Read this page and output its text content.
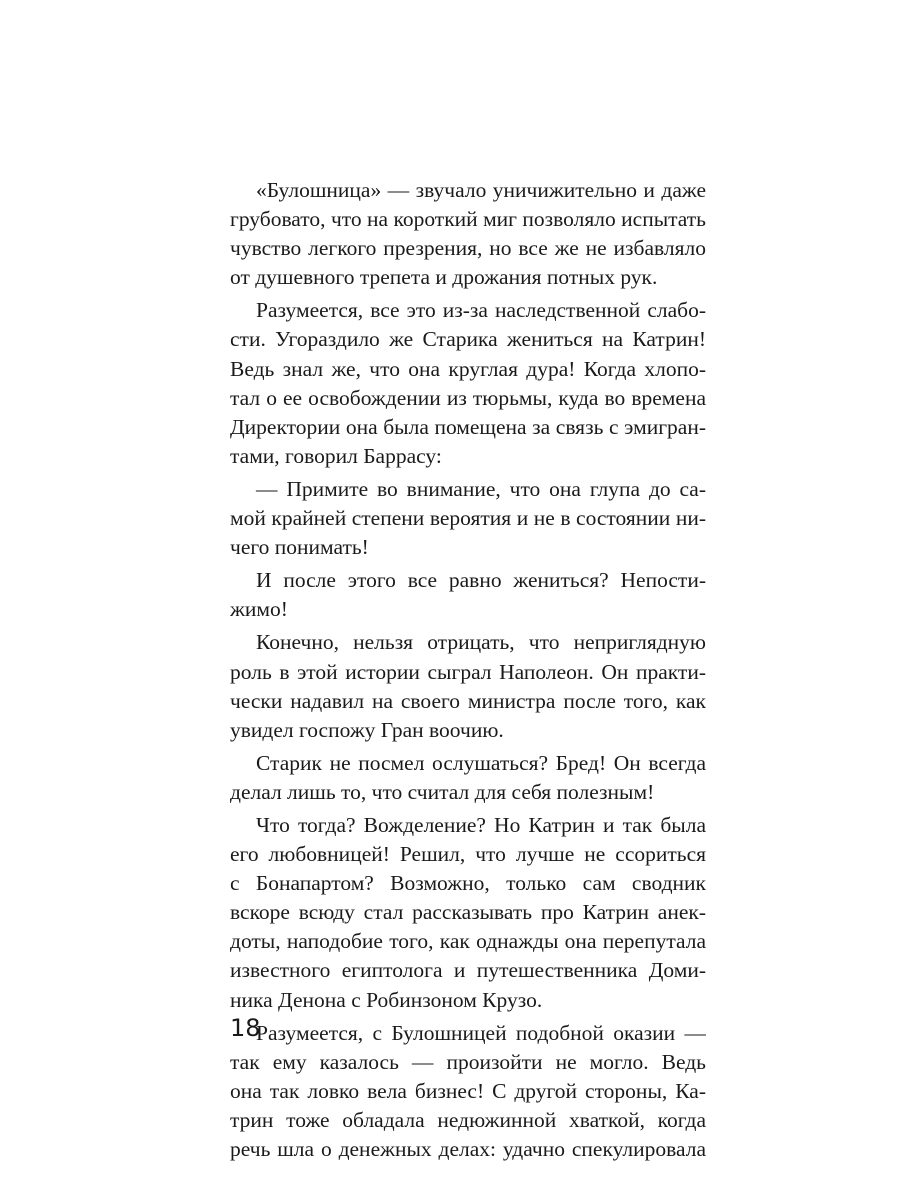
«Булошница» — звучало уничижительно и даже
грубовато, что на короткий миг позволяло испытать
чувство легкого презрения, но все же не избавляло
от душевного трепета и дрожания потных рук.
Разумеется, все это из-за наследственной слабо-
сти. Угораздило же Старика жениться на Катрин!
Ведь знал же, что она круглая дура! Когда хлопо-
тал о ее освобождении из тюрьмы, куда во времена
Директории она была помещена за связь с эмигран-
тами, говорил Баррасу:
— Примите во внимание, что она глупа до са-
мой крайней степени вероятия и не в состоянии ни-
чего понимать!
И после этого все равно жениться? Непости-
жимо!
Конечно, нельзя отрицать, что неприглядную
роль в этой истории сыграл Наполеон. Он практи-
чески надавил на своего министра после того, как
увидел госпожу Гран воочию.
Старик не посмел ослушаться? Бред! Он всегда
делал лишь то, что считал для себя полезным!
Что тогда? Вожделение? Но Катрин и так была
его любовницей! Решил, что лучше не ссориться
с Бонапартом? Возможно, только сам сводник
вскоре всюду стал рассказывать про Катрин анек-
доты, наподобие того, как однажды она перепутала
известного египтолога и путешественника Доми-
ника Денона с Робинзоном Крузо.
Разумеется, с Булошницей подобной оказии —
так ему казалось — произойти не могло. Ведь
она так ловко вела бизнес! С другой стороны, Ка-
трин тоже обладала недюжинной хваткой, когда
речь шла о денежных делах: удачно спекулировала
18
